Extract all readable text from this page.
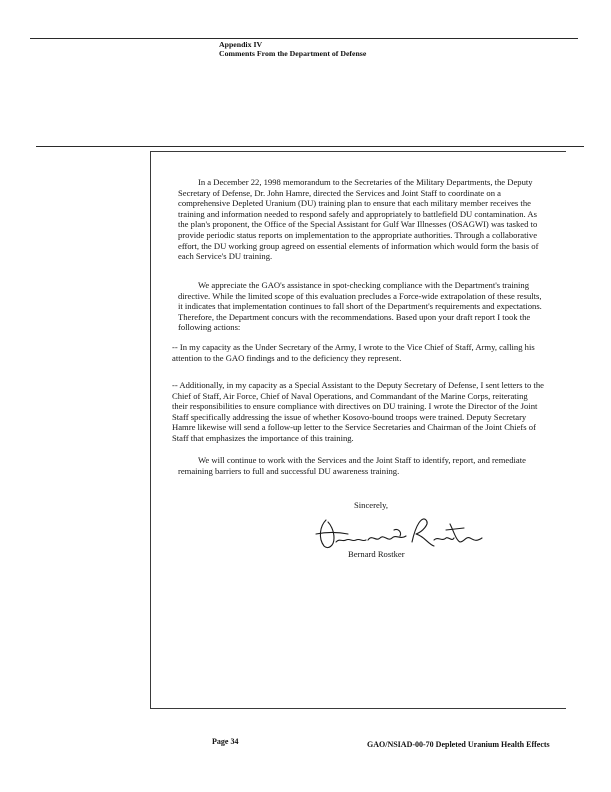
Appendix IV
Comments From the Department of Defense

In a December 22, 1998 memorandum to the Secretaries of the Military Departments, the Deputy Secretary of Defense, Dr. John Hamre, directed the Services and Joint Staff to coordinate on a comprehensive Depleted Uranium (DU) training plan to ensure that each military member receives the training and information needed to respond safely and appropriately to battlefield DU contamination. As the plan's proponent, the Office of the Special Assistant for Gulf War Illnesses (OSAGWI) was tasked to provide periodic status reports on implementation to the appropriate authorities. Through a collaborative effort, the DU working group agreed on essential elements of information which would form the basis of each Service's DU training.

We appreciate the GAO's assistance in spot-checking compliance with the Department's training directive. While the limited scope of this evaluation precludes a Force-wide extrapolation of these results, it indicates that implementation continues to fall short of the Department's requirements and expectations. Therefore, the Department concurs with the recommendations. Based upon your draft report I took the following actions:

-- In my capacity as the Under Secretary of the Army, I wrote to the Vice Chief of Staff, Army, calling his attention to the GAO findings and to the deficiency they represent.

-- Additionally, in my capacity as a Special Assistant to the Deputy Secretary of Defense, I sent letters to the Chief of Staff, Air Force, Chief of Naval Operations, and Commandant of the Marine Corps, reiterating their responsibilities to ensure compliance with directives on DU training. I wrote the Director of the Joint Staff specifically addressing the issue of whether Kosovo-bound troops were trained. Deputy Secretary Hamre likewise will send a follow-up letter to the Service Secretaries and Chairman of the Joint Chiefs of Staff that emphasizes the importance of this training.

We will continue to work with the Services and the Joint Staff to identify, report, and remediate remaining barriers to full and successful DU awareness training.

Sincerely,
Bernard Rostker
Page 34	GAO/NSIAD-00-70 Depleted Uranium Health Effects
